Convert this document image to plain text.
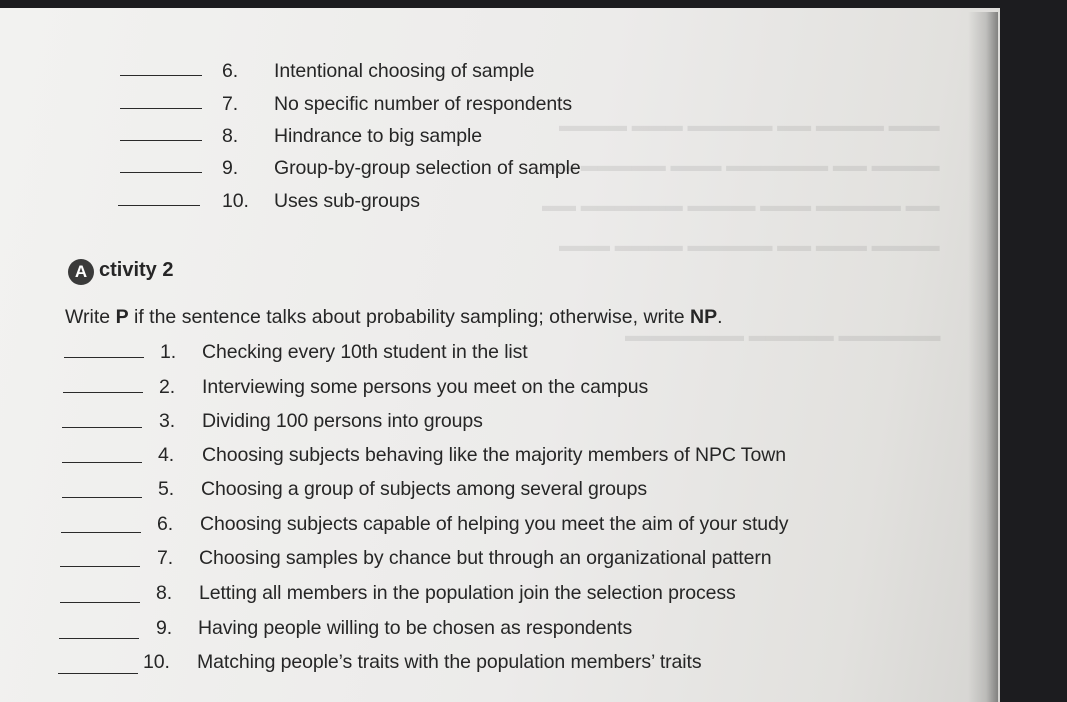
▬▬▬ ▬▬▬▬ ▬▬ ▬▬▬▬▬ ▬▬▬ ▬▬▬▬
▬▬▬▬ ▬▬ ▬▬▬▬▬▬ ▬▬▬ ▬▬▬▬▬ ▬▬
▬▬ ▬▬▬▬▬ ▬▬▬ ▬▬▬▬ ▬▬▬▬▬▬ ▬▬
▬▬▬▬ ▬▬▬ ▬▬ ▬▬▬▬▬ ▬▬▬▬ ▬▬▬
▬▬▬▬▬▬ ▬▬▬▬▬ ▬▬▬▬▬▬▬
6. Intentional choosing of sample
7. No specific number of respondents
8. Hindrance to big sample
9. Group-by-group selection of sample
10. Uses sub-groups
A ctivity 2
Write P if the sentence talks about probability sampling; otherwise, write NP.
1. Checking every 10th student in the list
2. Interviewing some persons you meet on the campus
3. Dividing 100 persons into groups
4. Choosing subjects behaving like the majority members of NPC Town
5. Choosing a group of subjects among several groups
6. Choosing subjects capable of helping you meet the aim of your study
7. Choosing samples by chance but through an organizational pattern
8. Letting all members in the population join the selection process
9. Having people willing to be chosen as respondents
10. Matching people’s traits with the population members’ traits
